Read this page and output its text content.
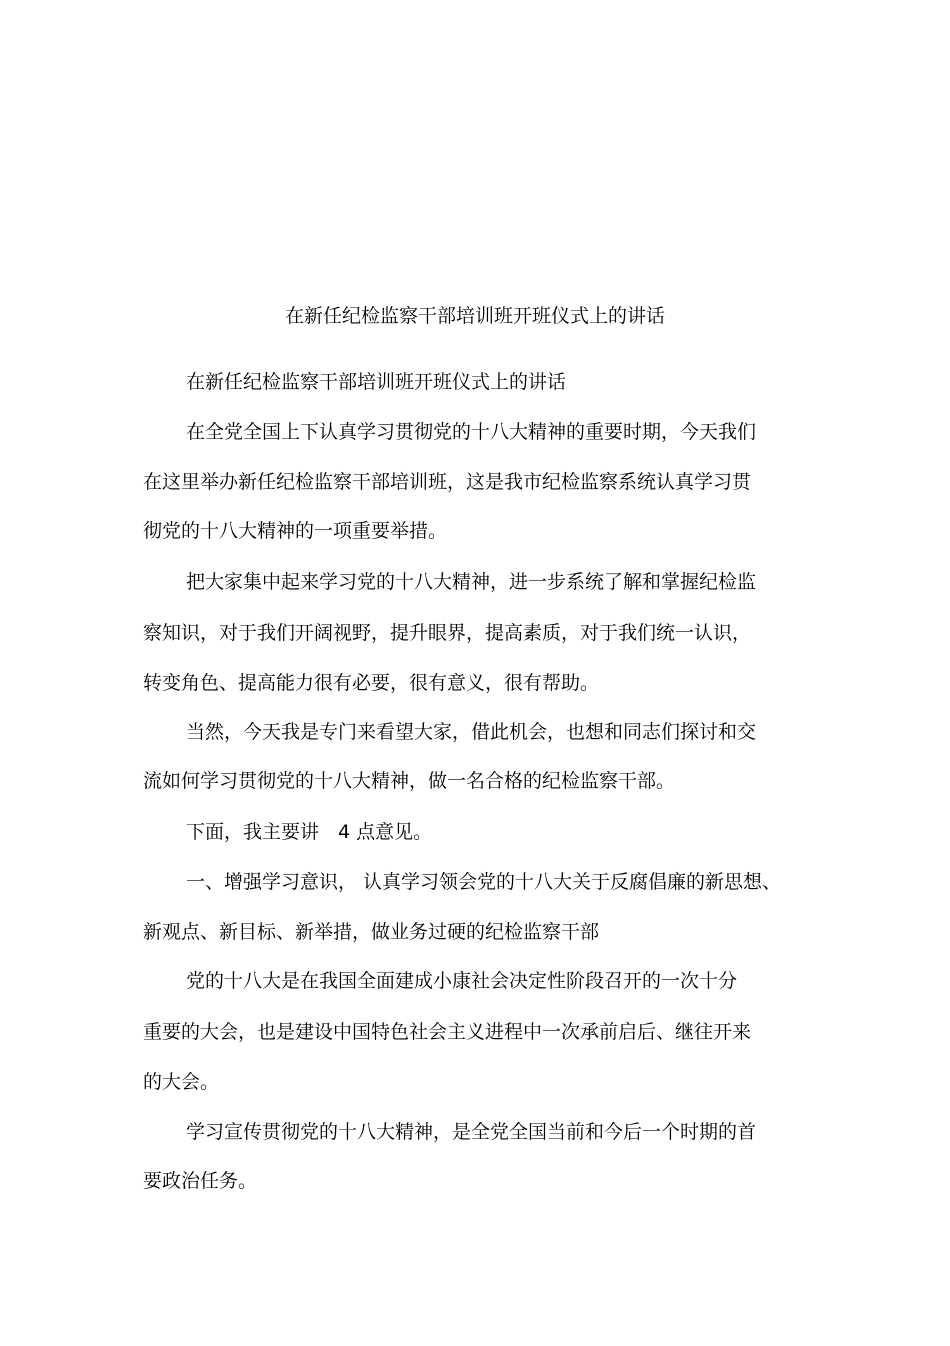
在新任纪检监察干部培训班开班仪式上的讲话
在新任纪检监察干部培训班开班仪式上的讲话
在全党全国上下认真学习贯彻党的十八大精神的重要时期，今天我们
在这里举办新任纪检监察干部培训班，这是我市纪检监察系统认真学习贯
彻党的十八大精神的一项重要举措。
把大家集中起来学习党的十八大精神，进一步系统了解和掌握纪检监
察知识，对于我们开阔视野，提升眼界，提高素质，对于我们统一认识，
转变角色、提高能力很有必要，很有意义，很有帮助。
当然，今天我是专门来看望大家，借此机会，也想和同志们探讨和交
流如何学习贯彻党的十八大精神，做一名合格的纪检监察干部。
下面，我主要讲　4 点意见。
一、增强学习意识， 认真学习领会党的十八大关于反腐倡廉的新思想、
新观点、新目标、新举措，做业务过硬的纪检监察干部
党的十八大是在我国全面建成小康社会决定性阶段召开的一次十分
重要的大会，也是建设中国特色社会主义进程中一次承前启后、继往开来
的大会。
学习宣传贯彻党的十八大精神，是全党全国当前和今后一个时期的首
要政治任务。
